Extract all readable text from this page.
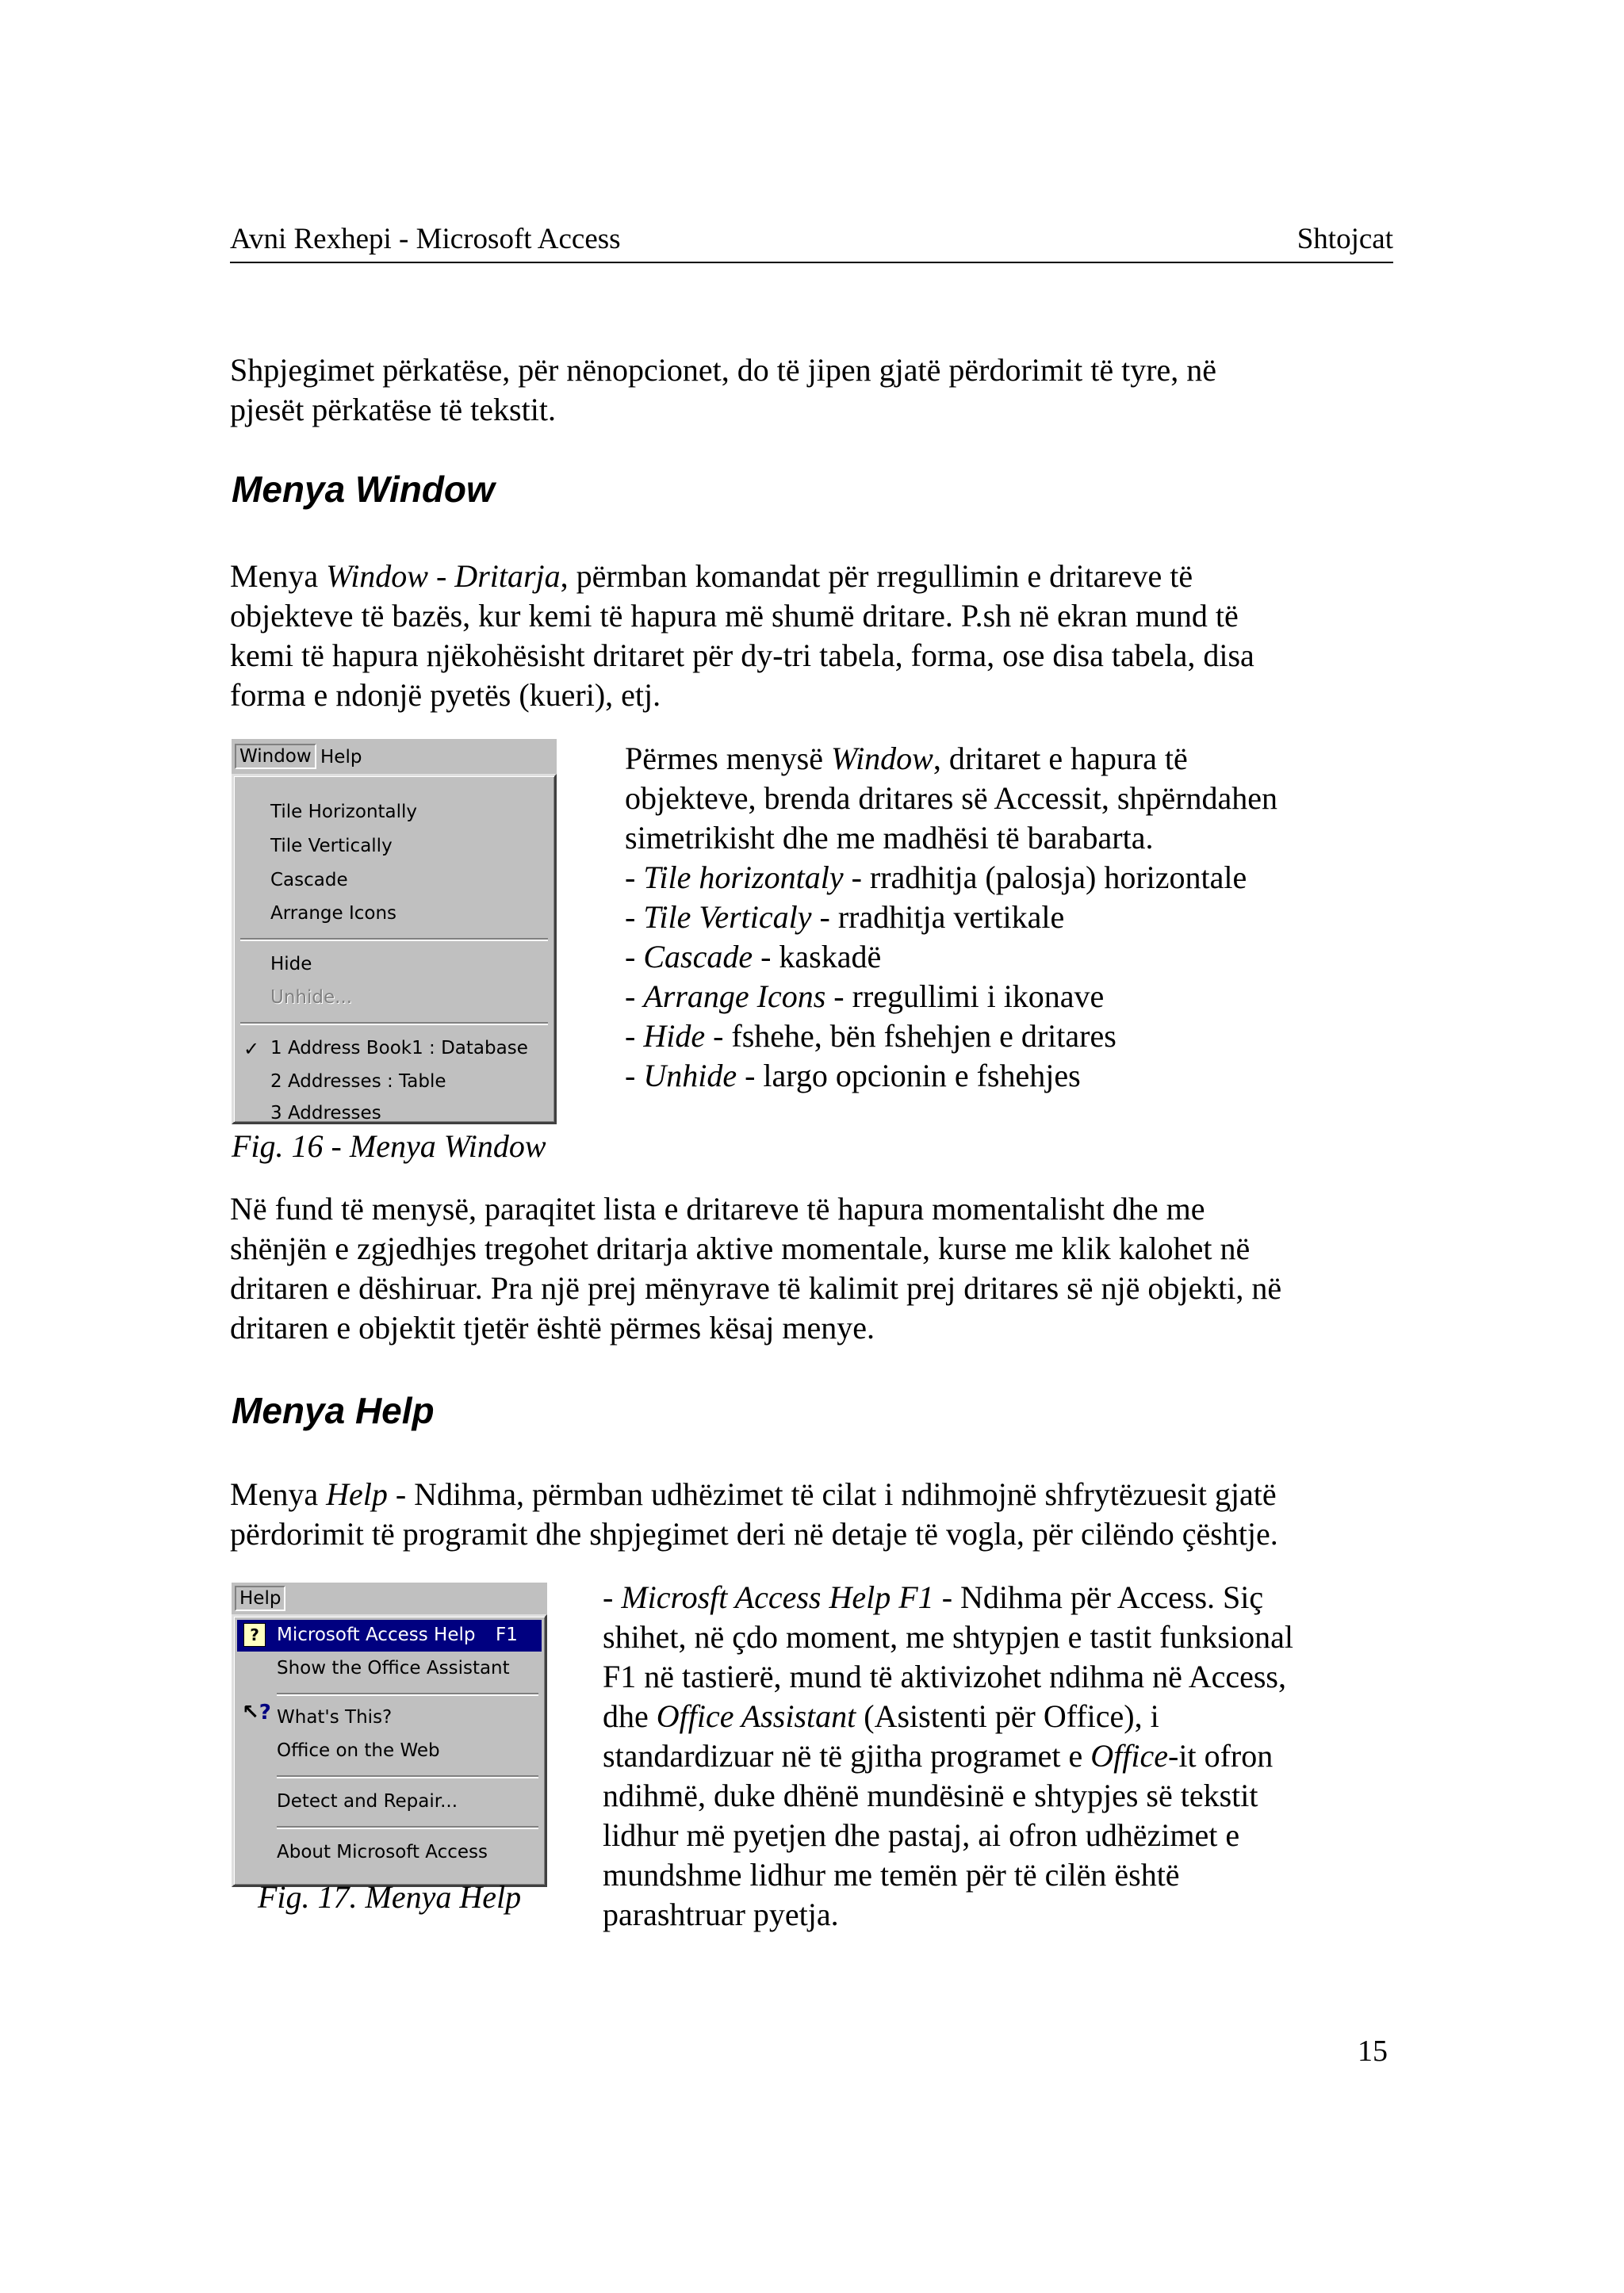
Avni Rexhepi - Microsoft Access	Shtojcat
Shpjegimet përkatëse, për nënopcionet, do të jipen gjatë përdorimit të tyre, në
pjesët përkatëse të tekstit.
Menya Window
Menya Window - Dritarja, përmban komandat për rregullimin e dritareve të
objekteve të bazës, kur kemi të hapura më shumë dritare. P.sh në ekran mund të
kemi të hapura njëkohësisht dritaret për dy-tri tabela, forma, ose disa tabela, disa
forma e ndonjë pyetës (kueri), etj.
Window Help
Tile Horizontally
Tile Vertically
Cascade
Arrange Icons
Hide
Unhide...
✓ 1 Address Book1 : Database
2 Addresses : Table
3 Addresses
Fig. 16 - Menya Window
Përmes menysë Window, dritaret e hapura të
objekteve, brenda dritares së Accessit, shpërndahen
simetrikisht dhe me madhësi të barabarta.
- Tile horizontaly - rradhitja (palosja) horizontale
- Tile Verticaly - rradhitja vertikale
- Cascade - kaskadë
- Arrange Icons - rregullimi i ikonave
- Hide - fshehe, bën fshehjen e dritares
- Unhide - largo opcionin e fshehjes
Në fund të menysë, paraqitet lista e dritareve të hapura momentalisht dhe me
shënjën e zgjedhjes tregohet dritarja aktive momentale, kurse me klik kalohet në
dritaren e dëshiruar. Pra një prej mënyrave të kalimit prej dritares së një objekti, në
dritaren e objektit tjetër është përmes kësaj menye.
Menya Help
Menya Help - Ndihma, përmban udhëzimet të cilat i ndihmojnë shfrytëzuesit gjatë
përdorimit të programit dhe shpjegimet deri në detaje të vogla, për cilëndo çështje.
Help
? Microsoft Access Help F1
Show the Office Assistant
↖? What's This?
Office on the Web
Detect and Repair...
About Microsoft Access
Fig. 17. Menya Help
- Microsft Access Help F1 - Ndihma për Access. Siç
shihet, në çdo moment, me shtypjen e tastit funksional
F1 në tastierë, mund të aktivizohet ndihma në Access,
dhe Office Assistant (Asistenti për Office), i
standardizuar në të gjitha programet e Office-it ofron
ndihmë, duke dhënë mundësinë e shtypjes së tekstit
lidhur më pyetjen dhe pastaj, ai ofron udhëzimet e
mundshme lidhur me temën për të cilën është
parashtruar pyetja.
15
